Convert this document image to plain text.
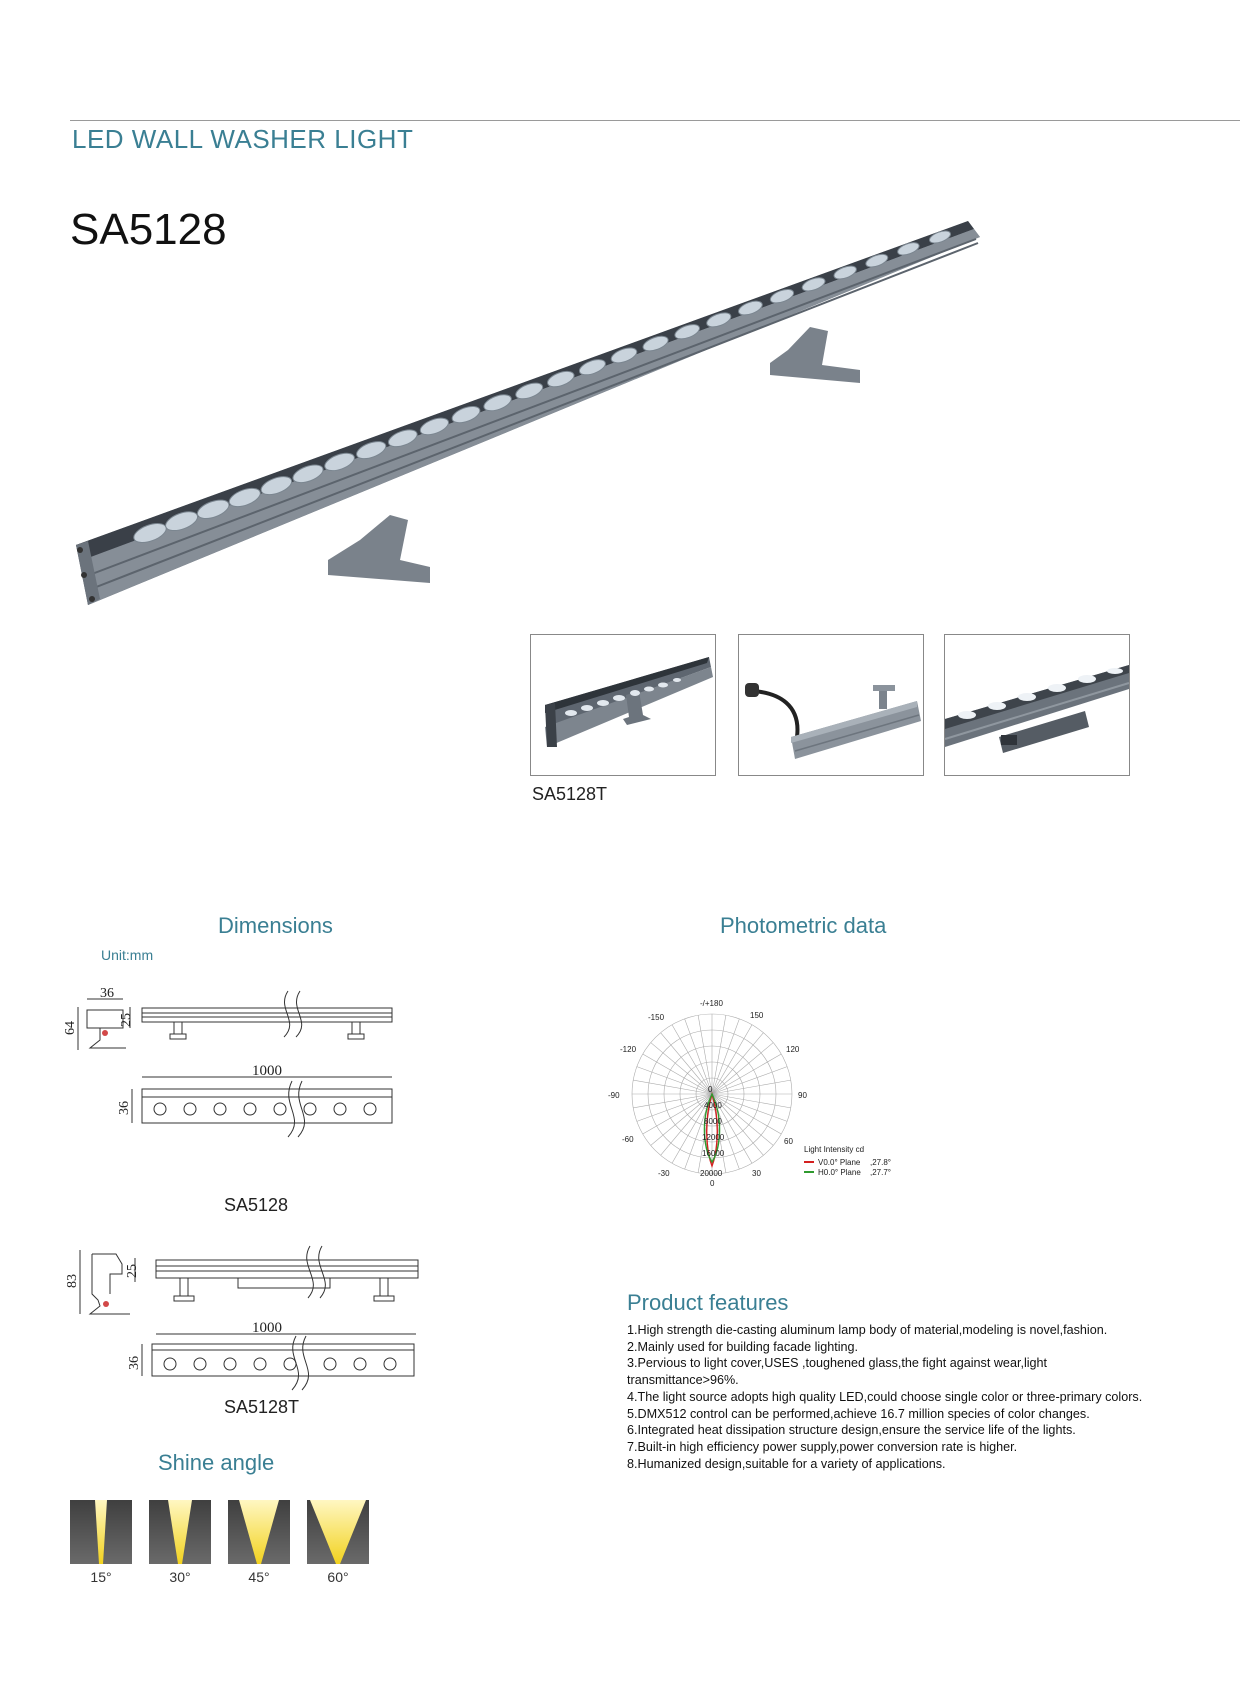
LED WALL WASHER LIGHT
SA5128
SA5128T
Dimensions
Unit:mm
36
64
25
1000
36
SA5128
83
25
1000
36
SA5128T
Shine angle
15°	30°	45°	60°
Photometric data
-/+180
-150	150
-120	120
-90	90
-60	60
-30	30
0
0
4000
8000
12000
16000
20000
Light Intensity cd
V0.0° Plane ,27.8°
H0.0° Plane ,27.7°
Product features
1.High strength die-casting aluminum lamp body of material,modeling is novel,fashion.
2.Mainly used for building facade lighting.
3.Pervious to light cover,USES ,toughened glass,the fight against wear,light transmittance>96%.
4.The light source adopts high quality LED,could choose single color or three-primary colors.
5.DMX512 control can be performed,achieve 16.7 million species of color changes.
6.Integrated heat dissipation structure design,ensure the service life of the lights.
7.Built-in high efficiency power supply,power conversion rate is higher.
8.Humanized design,suitable for a variety of applications.
